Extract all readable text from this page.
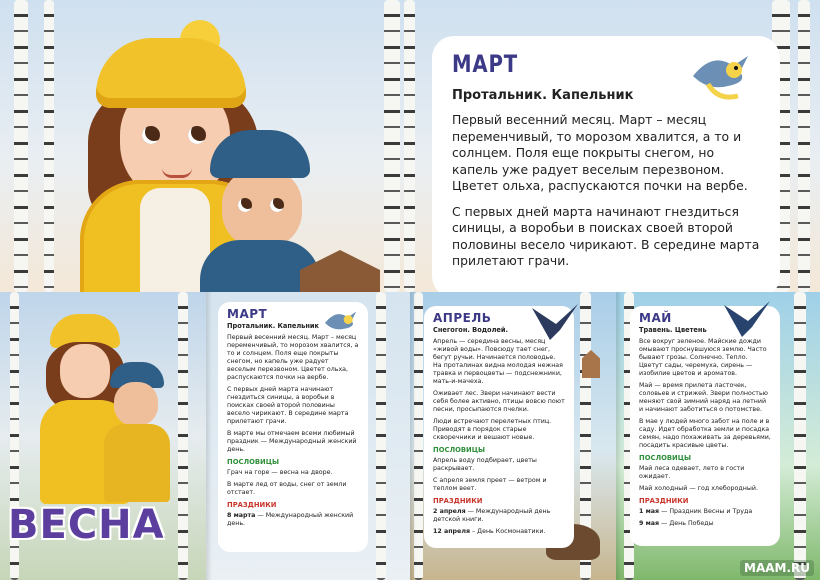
МАРТ
Протальник. Капельник

Первый весенний месяц. Март – месяц переменчивый, то морозом хвалится, а то и солнцем. Поля еще покрыты снегом, но капель уже радует веселым перезвоном. Цветет ольха, распускаются почки на вербе.

С первых дней марта начинают гнездиться синицы, а воробьи в поисках своей второй половины весело чирикают. В середине марта прилетают грачи.

ВЕСНА
МАРТ
Протальник. Капельник

Первый весенний месяц. Март – месяц переменчивый, то морозом хвалится, а то и солнцем. Поля еще покрыты снегом, но капель уже радует веселым перезвоном. Цветет ольха, распускаются почки на вербе.

С первых дней марта начинают гнездиться синицы, а воробьи в поисках своей второй половины весело чирикают. В середине марта прилетают грачи.

В марте мы отмечаем всеми любимый праздник — Международный женский день.

ПОСЛОВИЦЫ

Грач на горе — весна на дворе.

В марте лед от воды, снег от земли отстает.

ПРАЗДНИКИ

8 марта — Международный женский день.

АПРЕЛЬ
Снегогон. Водолей.

Апрель — середина весны, месяц «живой воды». Повсюду тает снег, бегут ручьи. Начинается половодье. На проталинах видна молодая нежная травка и первоцветы — подснежники, мать-и-мачеха.

Оживает лес. Звери начинают вести себя более активно, птицы вовсю поют песни, просыпаются пчелки.

Люди встречают перелетных птиц. Приводят в порядок старые скворечники и вешают новые.

ПОСЛОВИЦЫ

Апрель воду подбирает, цветы раскрывает.

С апреля земля преет — ветром и теплом веет.

ПРАЗДНИКИ

2 апреля — Международный день детской книги.

12 апреля – День Космонавтики.

МАЙ
Травень. Цветень

Все вокруг зеленое. Майские дожди омывают проснувшуюся землю. Часто бывают грозы. Солнечно. Тепло. Цветут сады, черемуха, сирень — изобилие цветов и ароматов.

Май — время прилета ласточек, соловьев и стрижей. Звери полностью меняют свой зимний наряд на летний и начинают заботиться о потомстве.

В мае у людей много забот на поле и в саду. Идет обработка земли и посадка семян, надо похаживать за деревьями, посадить красивые цветы.

ПОСЛОВИЦЫ

Май леса одевает, лето в гости ожидает.

Май холодный — год хлебородный.

ПРАЗДНИКИ

1 мая — Праздник Весны и Труда

9 мая — День Победы

MAAM.RU
